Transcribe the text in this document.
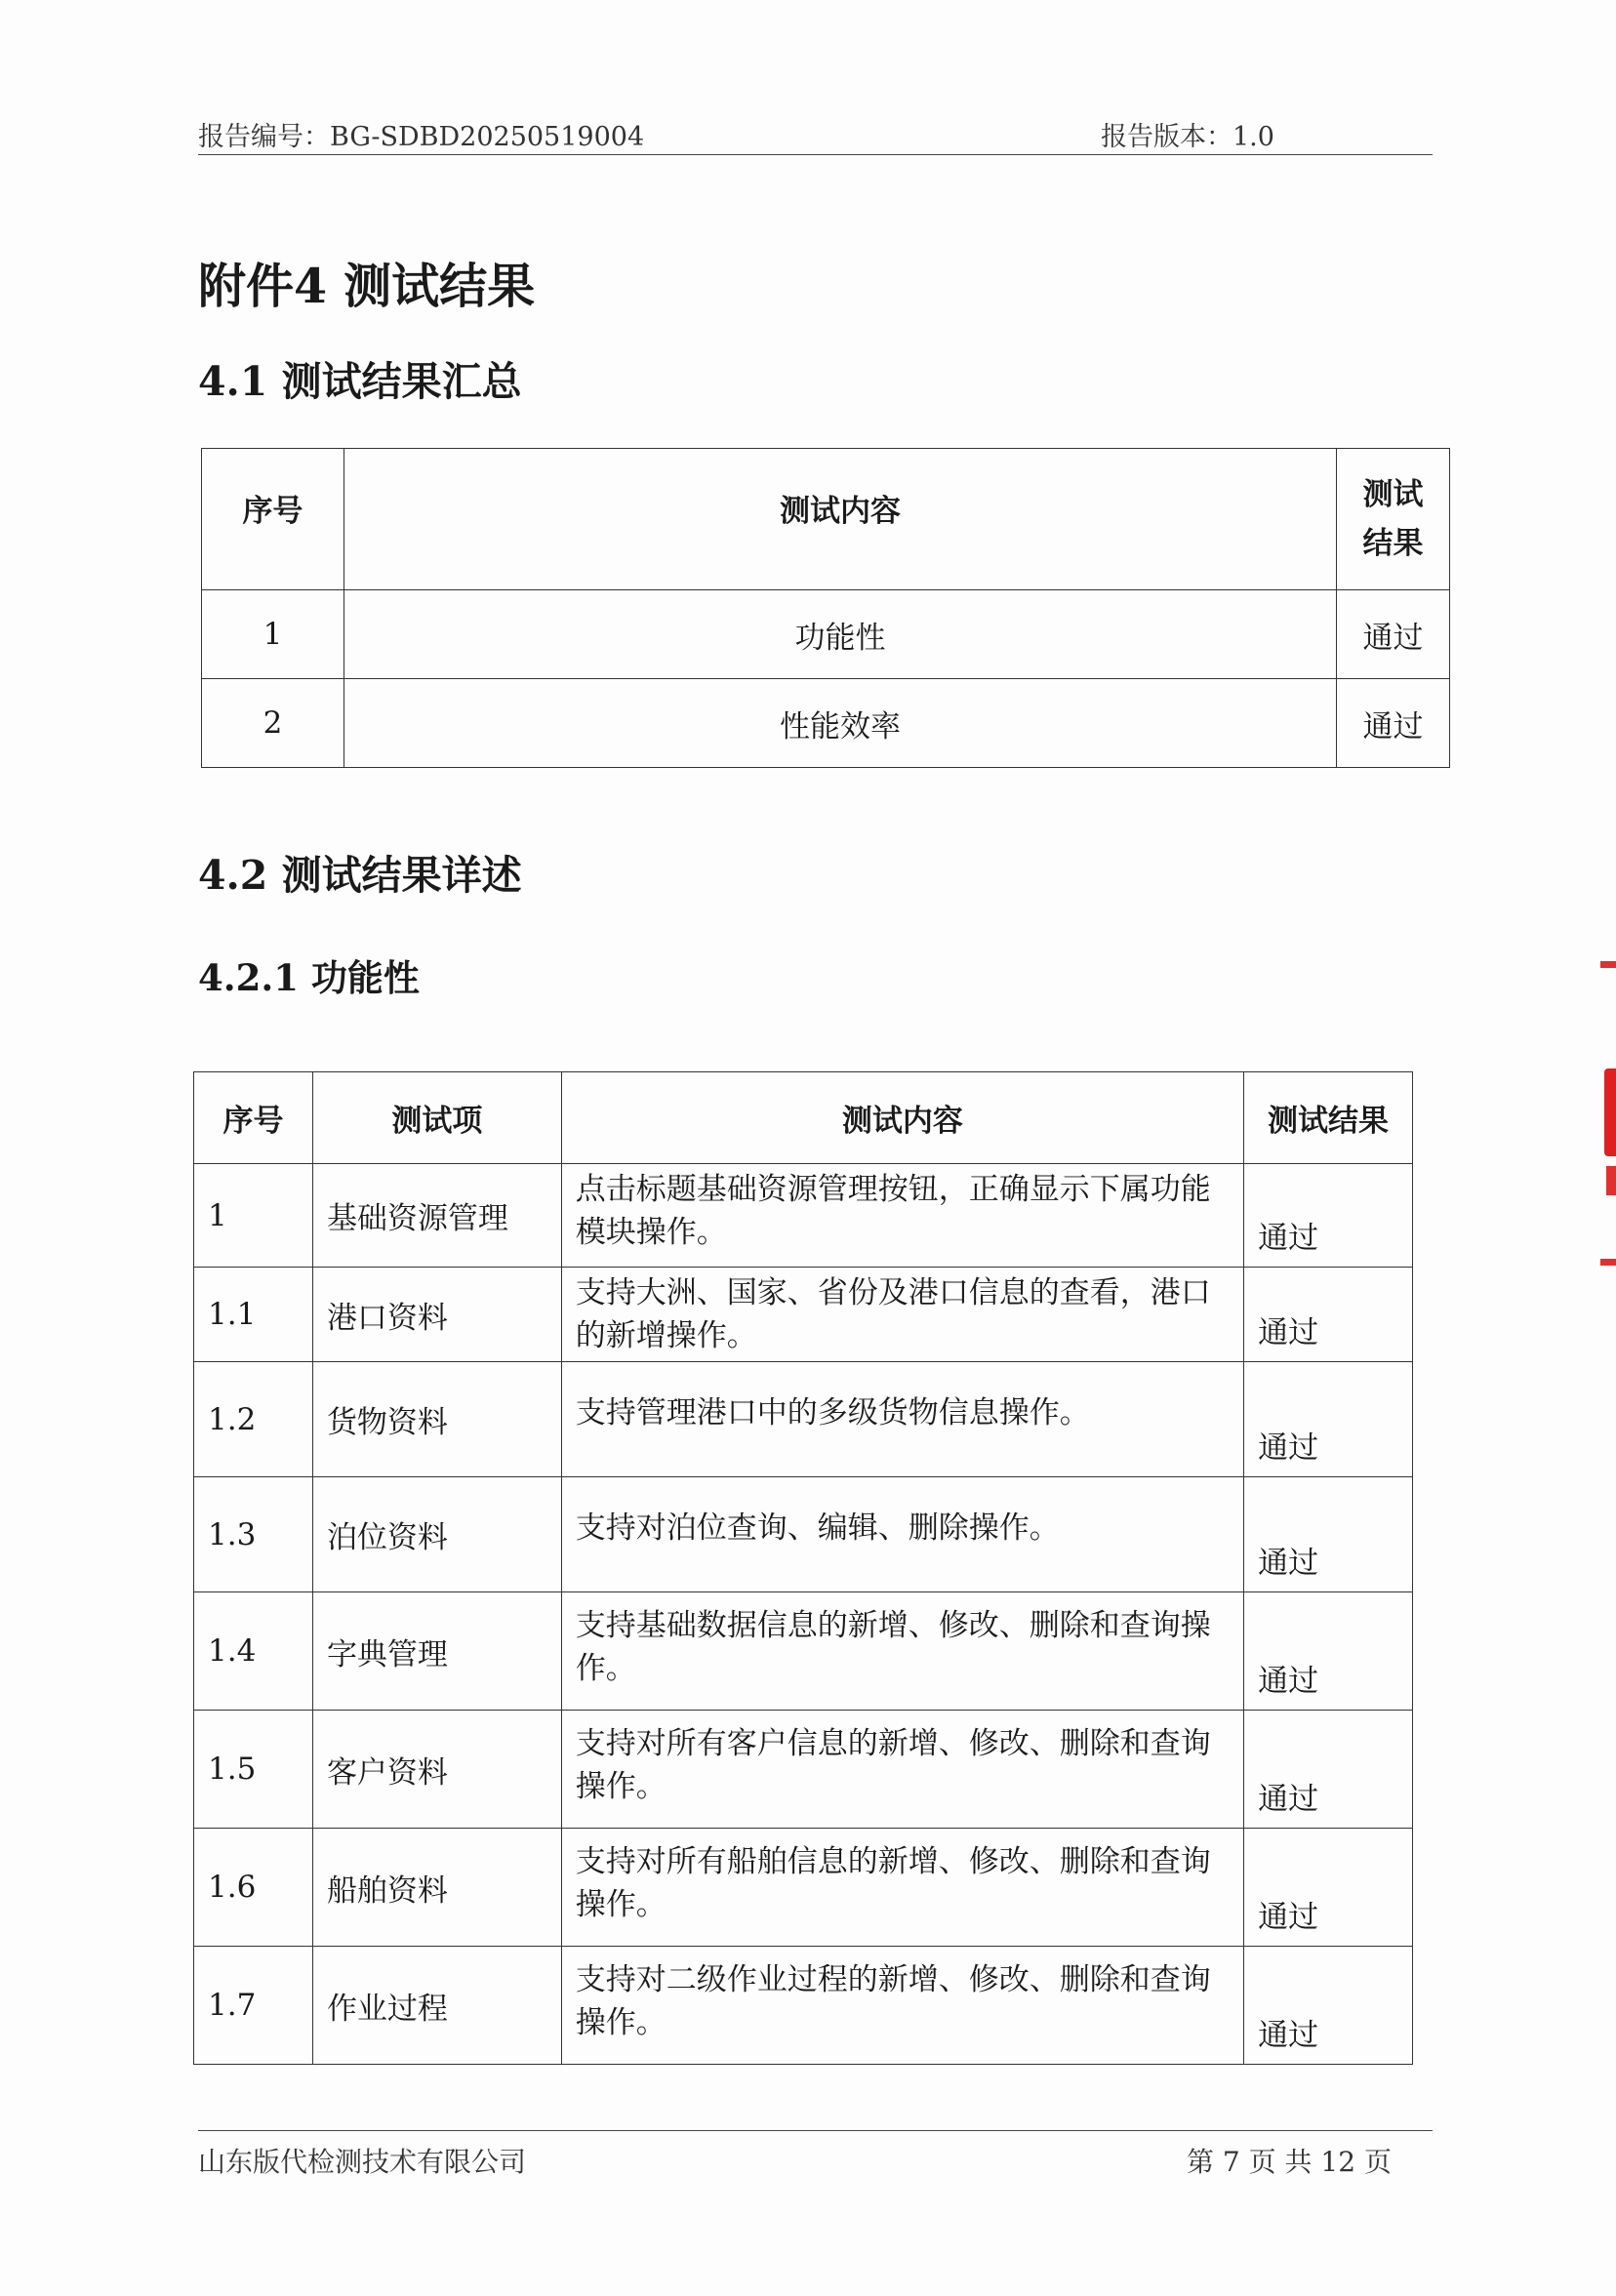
报告编号：BG-SDBD20250519004	报告版本：1.0
附件4 测试结果
4.1 测试结果汇总
序号	测试内容	测试结果
1	功能性	通过
2	性能效率	通过
4.2 测试结果详述
4.2.1 功能性
序号	测试项	测试内容	测试结果
1	基础资源管理	点击标题基础资源管理按钮，正确显示下属功能模块操作。	通过
1.1	港口资料	支持大洲、国家、省份及港口信息的查看，港口的新增操作。	通过
1.2	货物资料	支持管理港口中的多级货物信息操作。	通过
1.3	泊位资料	支持对泊位查询、编辑、删除操作。	通过
1.4	字典管理	支持基础数据信息的新增、修改、删除和查询操作。	通过
1.5	客户资料	支持对所有客户信息的新增、修改、删除和查询操作。	通过
1.6	船舶资料	支持对所有船舶信息的新增、修改、删除和查询操作。	通过
1.7	作业过程	支持对二级作业过程的新增、修改、删除和查询操作。	通过
山东版代检测技术有限公司	第 7 页 共 12 页
